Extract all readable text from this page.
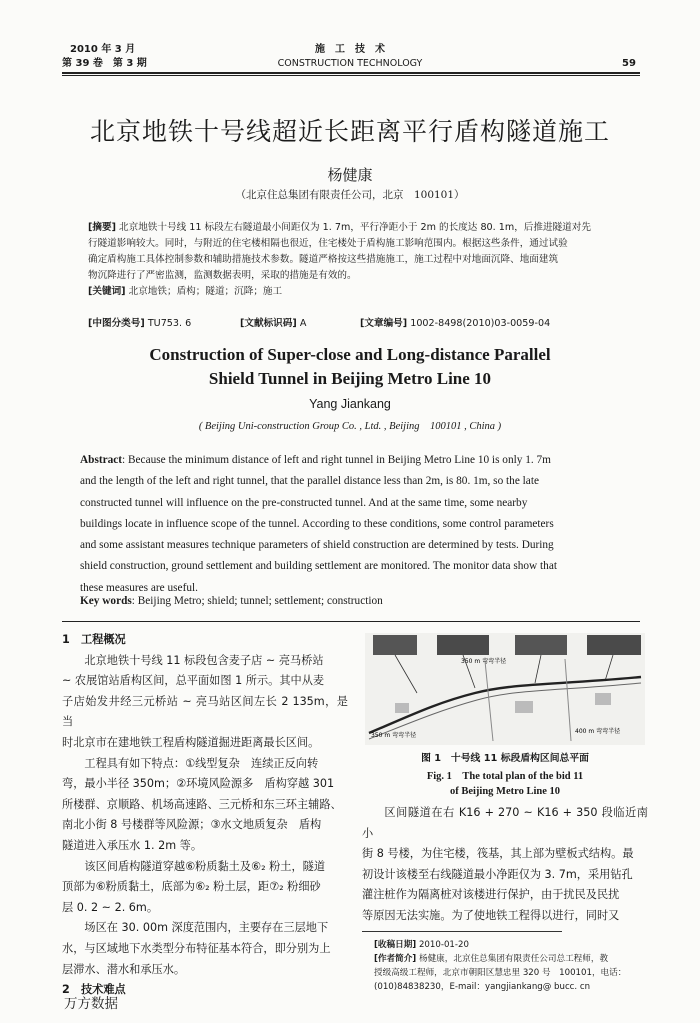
2010 年 3 月
第 39 卷　第 3 期
施　工　技　术
CONSTRUCTION TECHNOLOGY	59
北京地铁十号线超近长距离平行盾构隧道施工
杨健康
（北京住总集团有限责任公司，北京　100101）
[摘要] 北京地铁十号线 11 标段左右隧道最小间距仅为 1. 7m，平行净距小于 2m 的长度达 80. 1m，后推进隧道对先
行隧道影响较大。同时，与附近的住宅楼相隔也很近，住宅楼处于盾构施工影响范围内。根据这些条件，通过试验
确定盾构施工具体控制参数和辅助措施技术参数。隧道严格按这些措施施工，施工过程中对地面沉降、地面建筑
物沉降进行了严密监测，监测数据表明，采取的措施是有效的。
[关键词] 北京地铁；盾构；隧道；沉降；施工
[中图分类号] TU753. 6	[文献标识码] A	[文章编号] 1002-8498(2010)03-0059-04
Construction of Super-close and Long-distance Parallel
Shield Tunnel in Beijing Metro Line 10
Yang Jiankang
( Beijing Uni-construction Group Co. , Ltd. , Beijing　100101 , China )
Abstract: Because the minimum distance of left and right tunnel in Beijing Metro Line 10 is only 1. 7m
and the length of the left and right tunnel, that the parallel distance less than 2m, is 80. 1m, so the late
constructed tunnel will influence on the pre-constructed tunnel. And at the same time, some nearby
buildings locate in influence scope of the tunnel. According to these conditions, some control parameters
and some assistant measures technique parameters of shield construction are determined by tests. During
shield construction, ground settlement and building settlement are monitored. The monitor data show that
these measures are useful.
Key words: Beijing Metro; shield; tunnel; settlement; construction
1　工程概况

北京地铁十号线 11 标段包含麦子店 ~ 亮马桥站

~ 农展馆站盾构区间，总平面如图 1 所示。其中从麦
子店始发井经三元桥站 ~ 亮马站区间左长 2 135m，是当
时北京市在建地铁工程盾构隧道掘进距离最长区间。

工程具有如下特点：①线型复杂　连续正反向转

弯，最小半径 350m；②环境风险源多　盾构穿越 301
所楼群、京顺路、机场高速路、三元桥和东三环主辅路、
南北小街 8 号楼群等风险源；③水文地质复杂　盾构
隧道进入承压水 1. 2m 等。

该区间盾构隧道穿越⑥粉质黏土及⑥₂ 粉土，隧道

顶部为⑥粉质黏土，底部为⑥₂ 粉土层，距⑦₂ 粉细砂
层 0. 2 ~ 2. 6m。

场区在 30. 00m 深度范围内，主要存在三层地下

水，与区域地下水类型分布特征基本符合，即分别为上
层滞水、潜水和承压水。
2　技术难点
350 m 弯弯半径
350 m 弯弯半径
400 m 弯弯半径
图 1　十号线 11 标段盾构区间总平面
Fig. 1　The total plan of the bid 11
of Beijing Metro Line 10

区间隧道在右 K16 + 270 ~ K16 + 350 段临近南小

街 8 号楼，为住宅楼，筏基，其上部为壁板式结构。最
初设计该楼至右线隧道最小净距仅为 3. 7m，采用钻孔
灌注桩作为隔离桩对该楼进行保护，由于扰民及民扰
等原因无法实施。为了使地铁工程得以进行，同时又
[收稿日期] 2010-01-20
[作者简介] 杨健康，北京住总集团有限责任公司总工程师，教
授级高级工程师，北京市朝阳区慧忠里 320 号　100101，电话：
(010)84838230，E-mail：yangjiankang@ bucc. cn
万方数据
